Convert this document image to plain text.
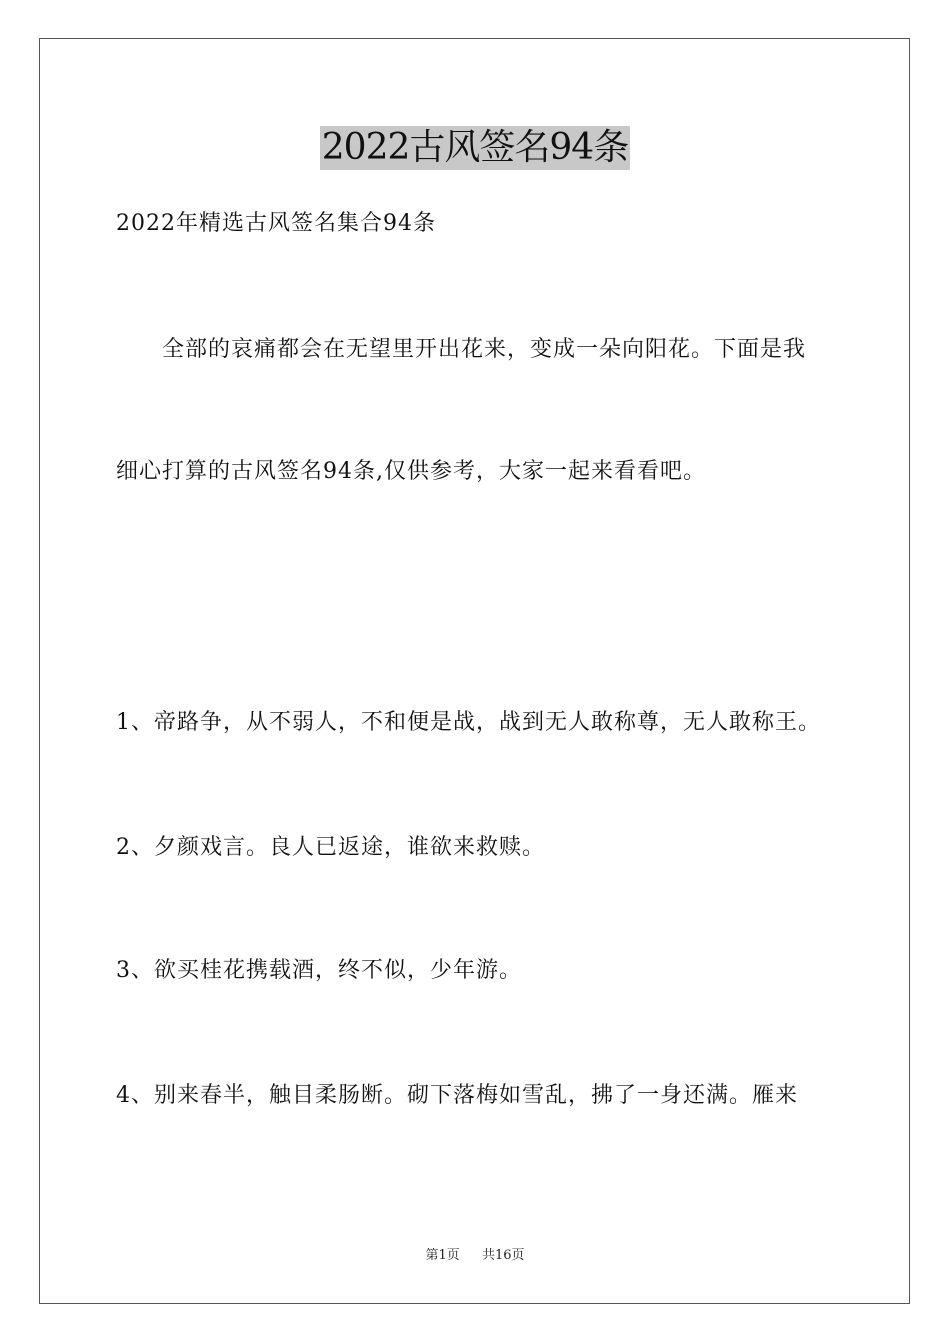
2022古风签名94条
2022年精选古风签名集合94条
全部的哀痛都会在无望里开出花来，变成一朵向阳花。下面是我
细心打算的古风签名94条,仅供参考，大家一起来看看吧。
1、帝路争，从不弱人，不和便是战，战到无人敢称尊，无人敢称王。
2、夕颜戏言。良人已返途，谁欲来救赎。
3、欲买桂花携载酒，终不似，少年游。
4、别来春半，触目柔肠断。砌下落梅如雪乱，拂了一身还满。雁来
第1页 共16页
